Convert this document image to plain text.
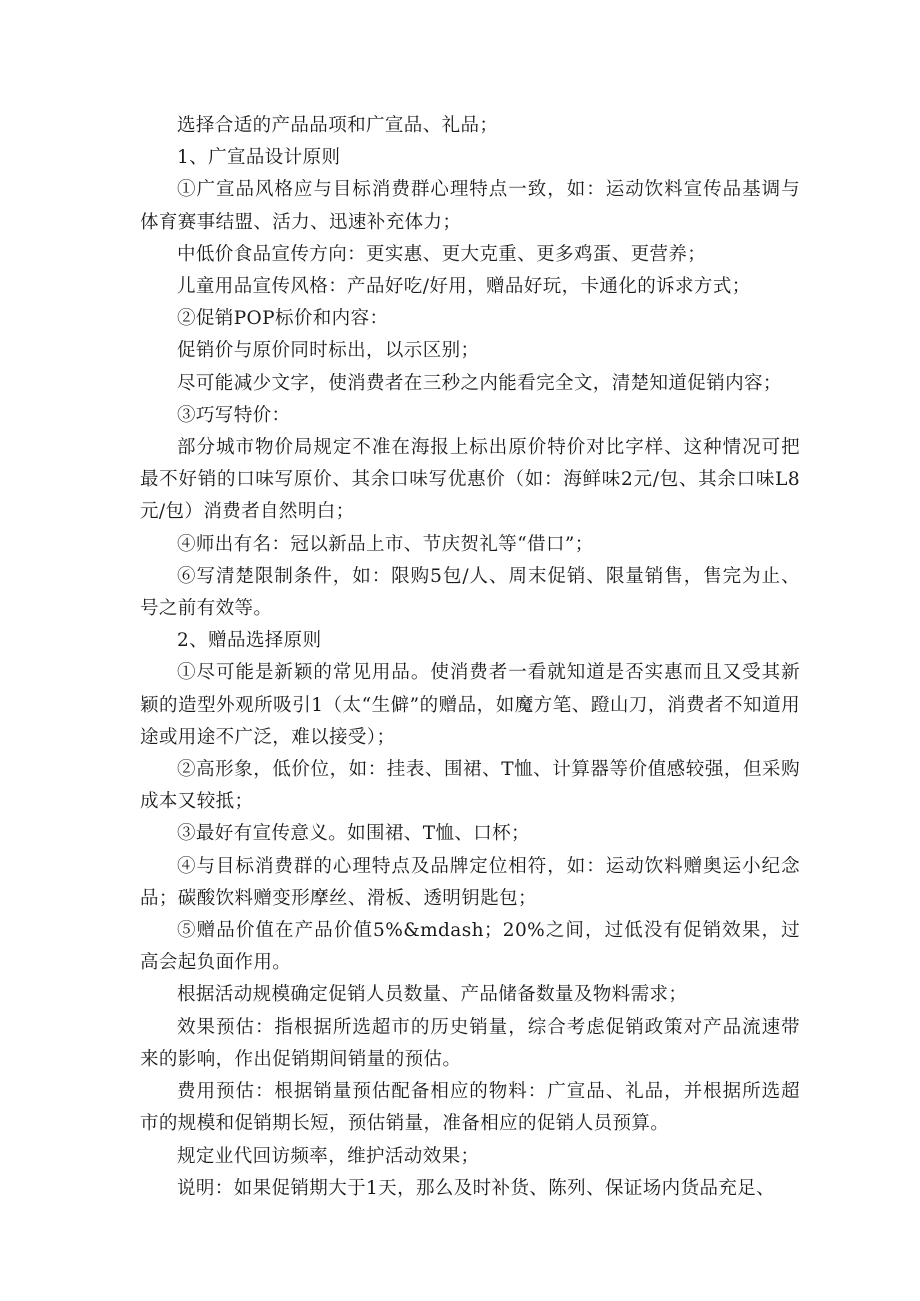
选择合适的产品品项和广宣品、礼品；

1、广宣品设计原则

①广宣品风格应与目标消费群心理特点一致，如：运动饮料宣传品基调与体育赛事结盟、活力、迅速补充体力；

中低价食品宣传方向：更实惠、更大克重、更多鸡蛋、更营养；

儿童用品宣传风格：产品好吃/好用，赠品好玩，卡通化的诉求方式；

②促销POP标价和内容：

促销价与原价同时标出，以示区别；

尽可能减少文字，使消费者在三秒之内能看完全文，清楚知道促销内容；

③巧写特价：

部分城市物价局规定不准在海报上标出原价特价对比字样、这种情况可把最不好销的口味写原价、其余口味写优惠价（如：海鲜味2元/包、其余口味L8元/包）消费者自然明白；

④师出有名：冠以新品上市、节庆贺礼等“借口”；

⑥写清楚限制条件，如：限购5包/人、周末促销、限量销售，售完为止、号之前有效等。

2、赠品选择原则

①尽可能是新颖的常见用品。使消费者一看就知道是否实惠而且又受其新颖的造型外观所吸引1（太“生僻”的赠品，如魔方笔、蹬山刀，消费者不知道用途或用途不广泛，难以接受）；

②高形象，低价位，如：挂表、围裙、T恤、计算器等价值感较强，但采购成本又较抵；

③最好有宣传意义。如围裙、T恤、口杯；

④与目标消费群的心理特点及品牌定位相符，如：运动饮料赠奥运小纪念品；碳酸饮料赠变形摩丝、滑板、透明钥匙包；

⑤赠品价值在产品价值5%&mdash；20%之间，过低没有促销效果，过高会起负面作用。

根据活动规模确定促销人员数量、产品储备数量及物料需求；

效果预估：指根据所选超市的历史销量，综合考虑促销政策对产品流速带来的影响，作出促销期间销量的预估。

费用预估：根据销量预估配备相应的物料：广宣品、礼品，并根据所选超市的规模和促销期长短，预估销量，准备相应的促销人员预算。

规定业代回访频率，维护活动效果；

说明：如果促销期大于1天，那么及时补货、陈列、保证场内货品充足、
